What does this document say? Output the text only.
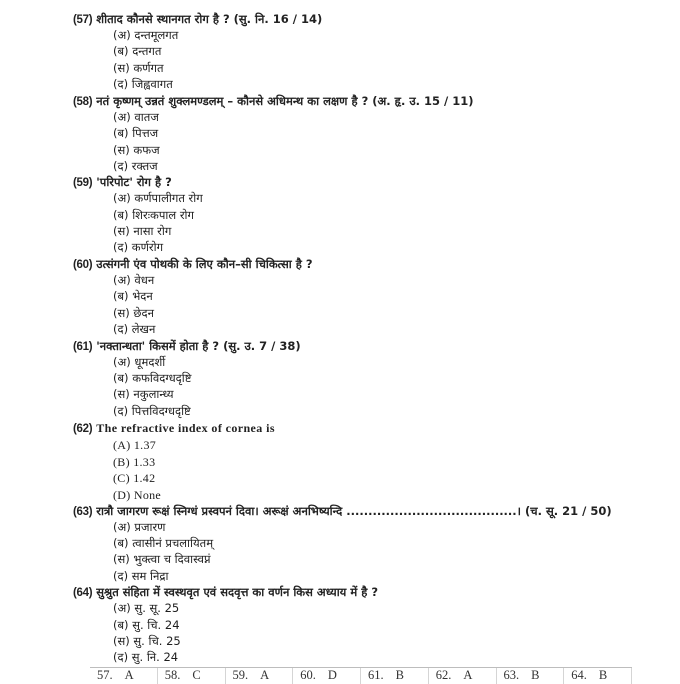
(57) शीताद कौनसे स्थानगत रोग है ? (सु. नि. 16 / 14)
(अ) दन्तमूलगत
(ब) दन्तगत
(स) कर्णगत
(द) जिह्ववागत
(58) नतं कृष्णम् उन्नतं शुक्लमण्डलम् – कौनसे अधिमन्थ का लक्षण है ? (अ. हृ. उ. 15 / 11)
(अ) वातज
(ब) पित्तज
(स) कफज
(द) रक्तज
(59) 'परिपोट' रोग है ?
(अ) कर्णपालीगत रोग
(ब) शिरःकपाल रोग
(स) नासा रोग
(द) कर्णरोग
(60) उत्संगनी एंव पोथकी के लिए कौन–सी चिकित्सा है ?
(अ) वेधन
(ब) भेदन
(स) छेदन
(द) लेखन
(61) 'नक्तान्धता' किसमें होता है ? (सु. उ. 7 / 38)
(अ) धूमदर्शी
(ब) कफविदग्धदृष्टि
(स) नकुलान्ध्य
(द) पित्तविदग्धदृष्टि
(62) The refractive index of cornea is
(A) 1.37
(B) 1.33
(C) 1.42
(D) None
(63) रात्रौ जागरण रूक्षं स्निग्धं प्रस्वपनं दिवा। अरूक्षं अनभिष्यन्दि .......................................। (च. सू. 21 / 50)
(अ) प्रजारण
(ब) त्वासीनं प्रचलायितम्
(स) भुक्त्वा च दिवास्वप्नं
(द) सम निद्रा
(64) सुश्रुत संहिता में स्वस्थवृत एवं सदवृत्त का वर्णन किस अध्याय में है ?
(अ) सु. सू. 25
(ब) सु. चि. 24
(स) सु. चि. 25
(द) सु. नि. 24
57. A	58. C	59. A	60. D	61. B	62. A	63. B	64. B
